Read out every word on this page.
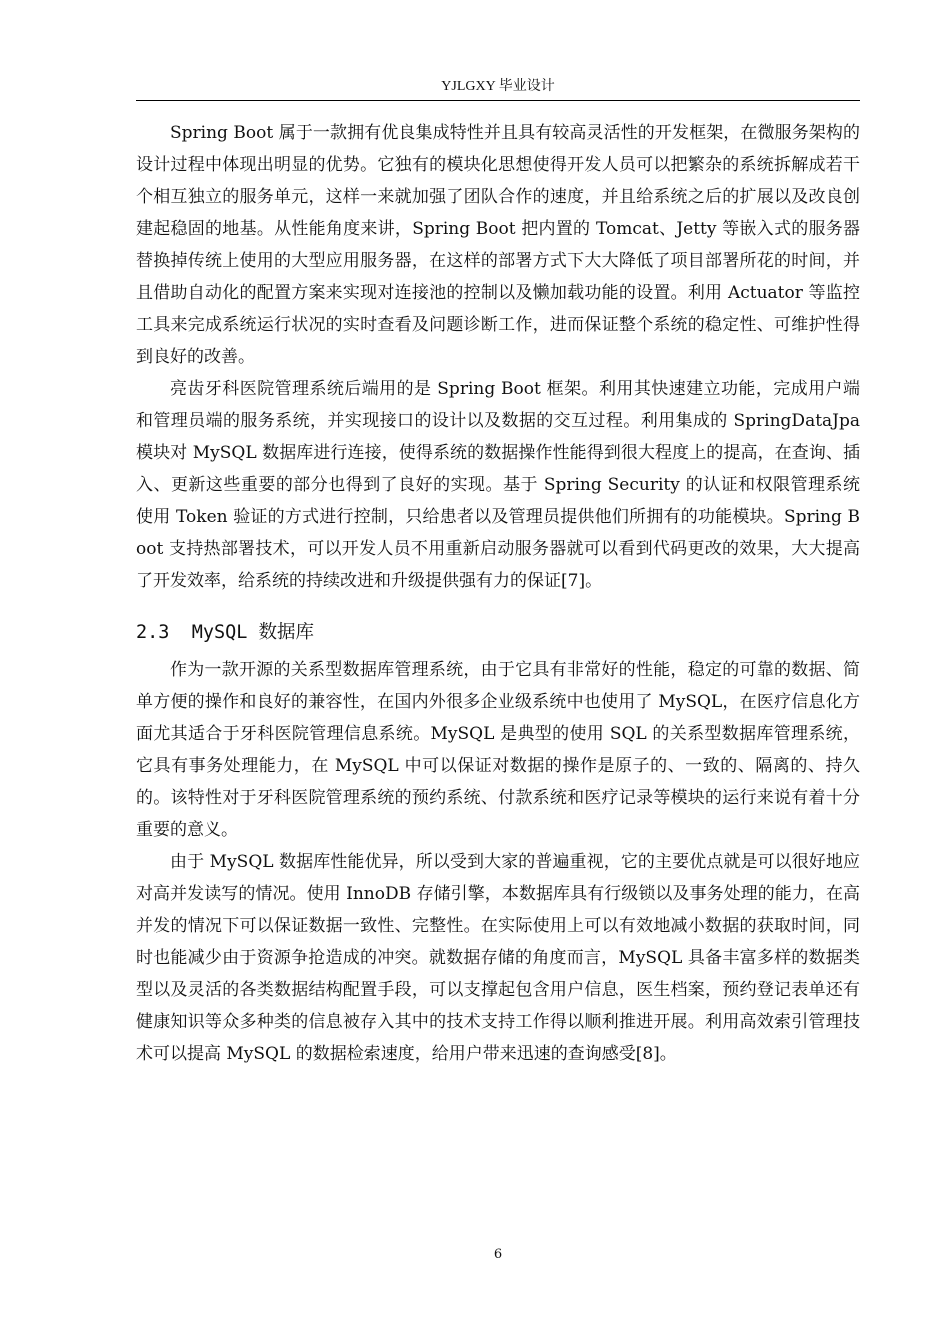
YJLGXY 毕业设计

Spring Boot 属于一款拥有优良集成特性并且具有较高灵活性的开发框架，在微服务架构的设计过程中体现出明显的优势。它独有的模块化思想使得开发人员可以把繁杂的系统拆解成若干个相互独立的服务单元，这样一来就加强了团队合作的速度，并且给系统之后的扩展以及改良创建起稳固的地基。从性能角度来讲，Spring Boot 把内置的 Tomcat、Jetty 等嵌入式的服务器替换掉传统上使用的大型应用服务器，在这样的部署方式下大大降低了项目部署所花的时间，并且借助自动化的配置方案来实现对连接池的控制以及懒加载功能的设置。利用 Actuator 等监控工具来完成系统运行状况的实时查看及问题诊断工作，进而保证整个系统的稳定性、可维护性得到良好的改善。

亮齿牙科医院管理系统后端用的是 Spring Boot 框架。利用其快速建立功能，完成用户端和管理员端的服务系统，并实现接口的设计以及数据的交互过程。利用集成的 SpringDataJpa 模块对 MySQL 数据库进行连接，使得系统的数据操作性能得到很大程度上的提高，在查询、插入、更新这些重要的部分也得到了良好的实现。基于 Spring Security 的认证和权限管理系统使用 Token 验证的方式进行控制，只给患者以及管理员提供他们所拥有的功能模块。Spring Boot 支持热部署技术，可以开发人员不用重新启动服务器就可以看到代码更改的效果，大大提高了开发效率，给系统的持续改进和升级提供强有力的保证[7]。

2.3 MySQL 数据库

作为一款开源的关系型数据库管理系统，由于它具有非常好的性能，稳定的可靠的数据、简单方便的操作和良好的兼容性，在国内外很多企业级系统中也使用了 MySQL，在医疗信息化方面尤其适合于牙科医院管理信息系统。MySQL 是典型的使用 SQL 的关系型数据库管理系统，它具有事务处理能力，在 MySQL 中可以保证对数据的操作是原子的、一致的、隔离的、持久的。该特性对于牙科医院管理系统的预约系统、付款系统和医疗记录等模块的运行来说有着十分重要的意义。

由于 MySQL 数据库性能优异，所以受到大家的普遍重视，它的主要优点就是可以很好地应对高并发读写的情况。使用 InnoDB 存储引擎，本数据库具有行级锁以及事务处理的能力，在高并发的情况下可以保证数据一致性、完整性。在实际使用上可以有效地减小数据的获取时间，同时也能减少由于资源争抢造成的冲突。就数据存储的角度而言，MySQL 具备丰富多样的数据类型以及灵活的各类数据结构配置手段，可以支撑起包含用户信息，医生档案，预约登记表单还有健康知识等众多种类的信息被存入其中的技术支持工作得以顺利推进开展。利用高效索引管理技术可以提高 MySQL 的数据检索速度，给用户带来迅速的查询感受[8]。

6
